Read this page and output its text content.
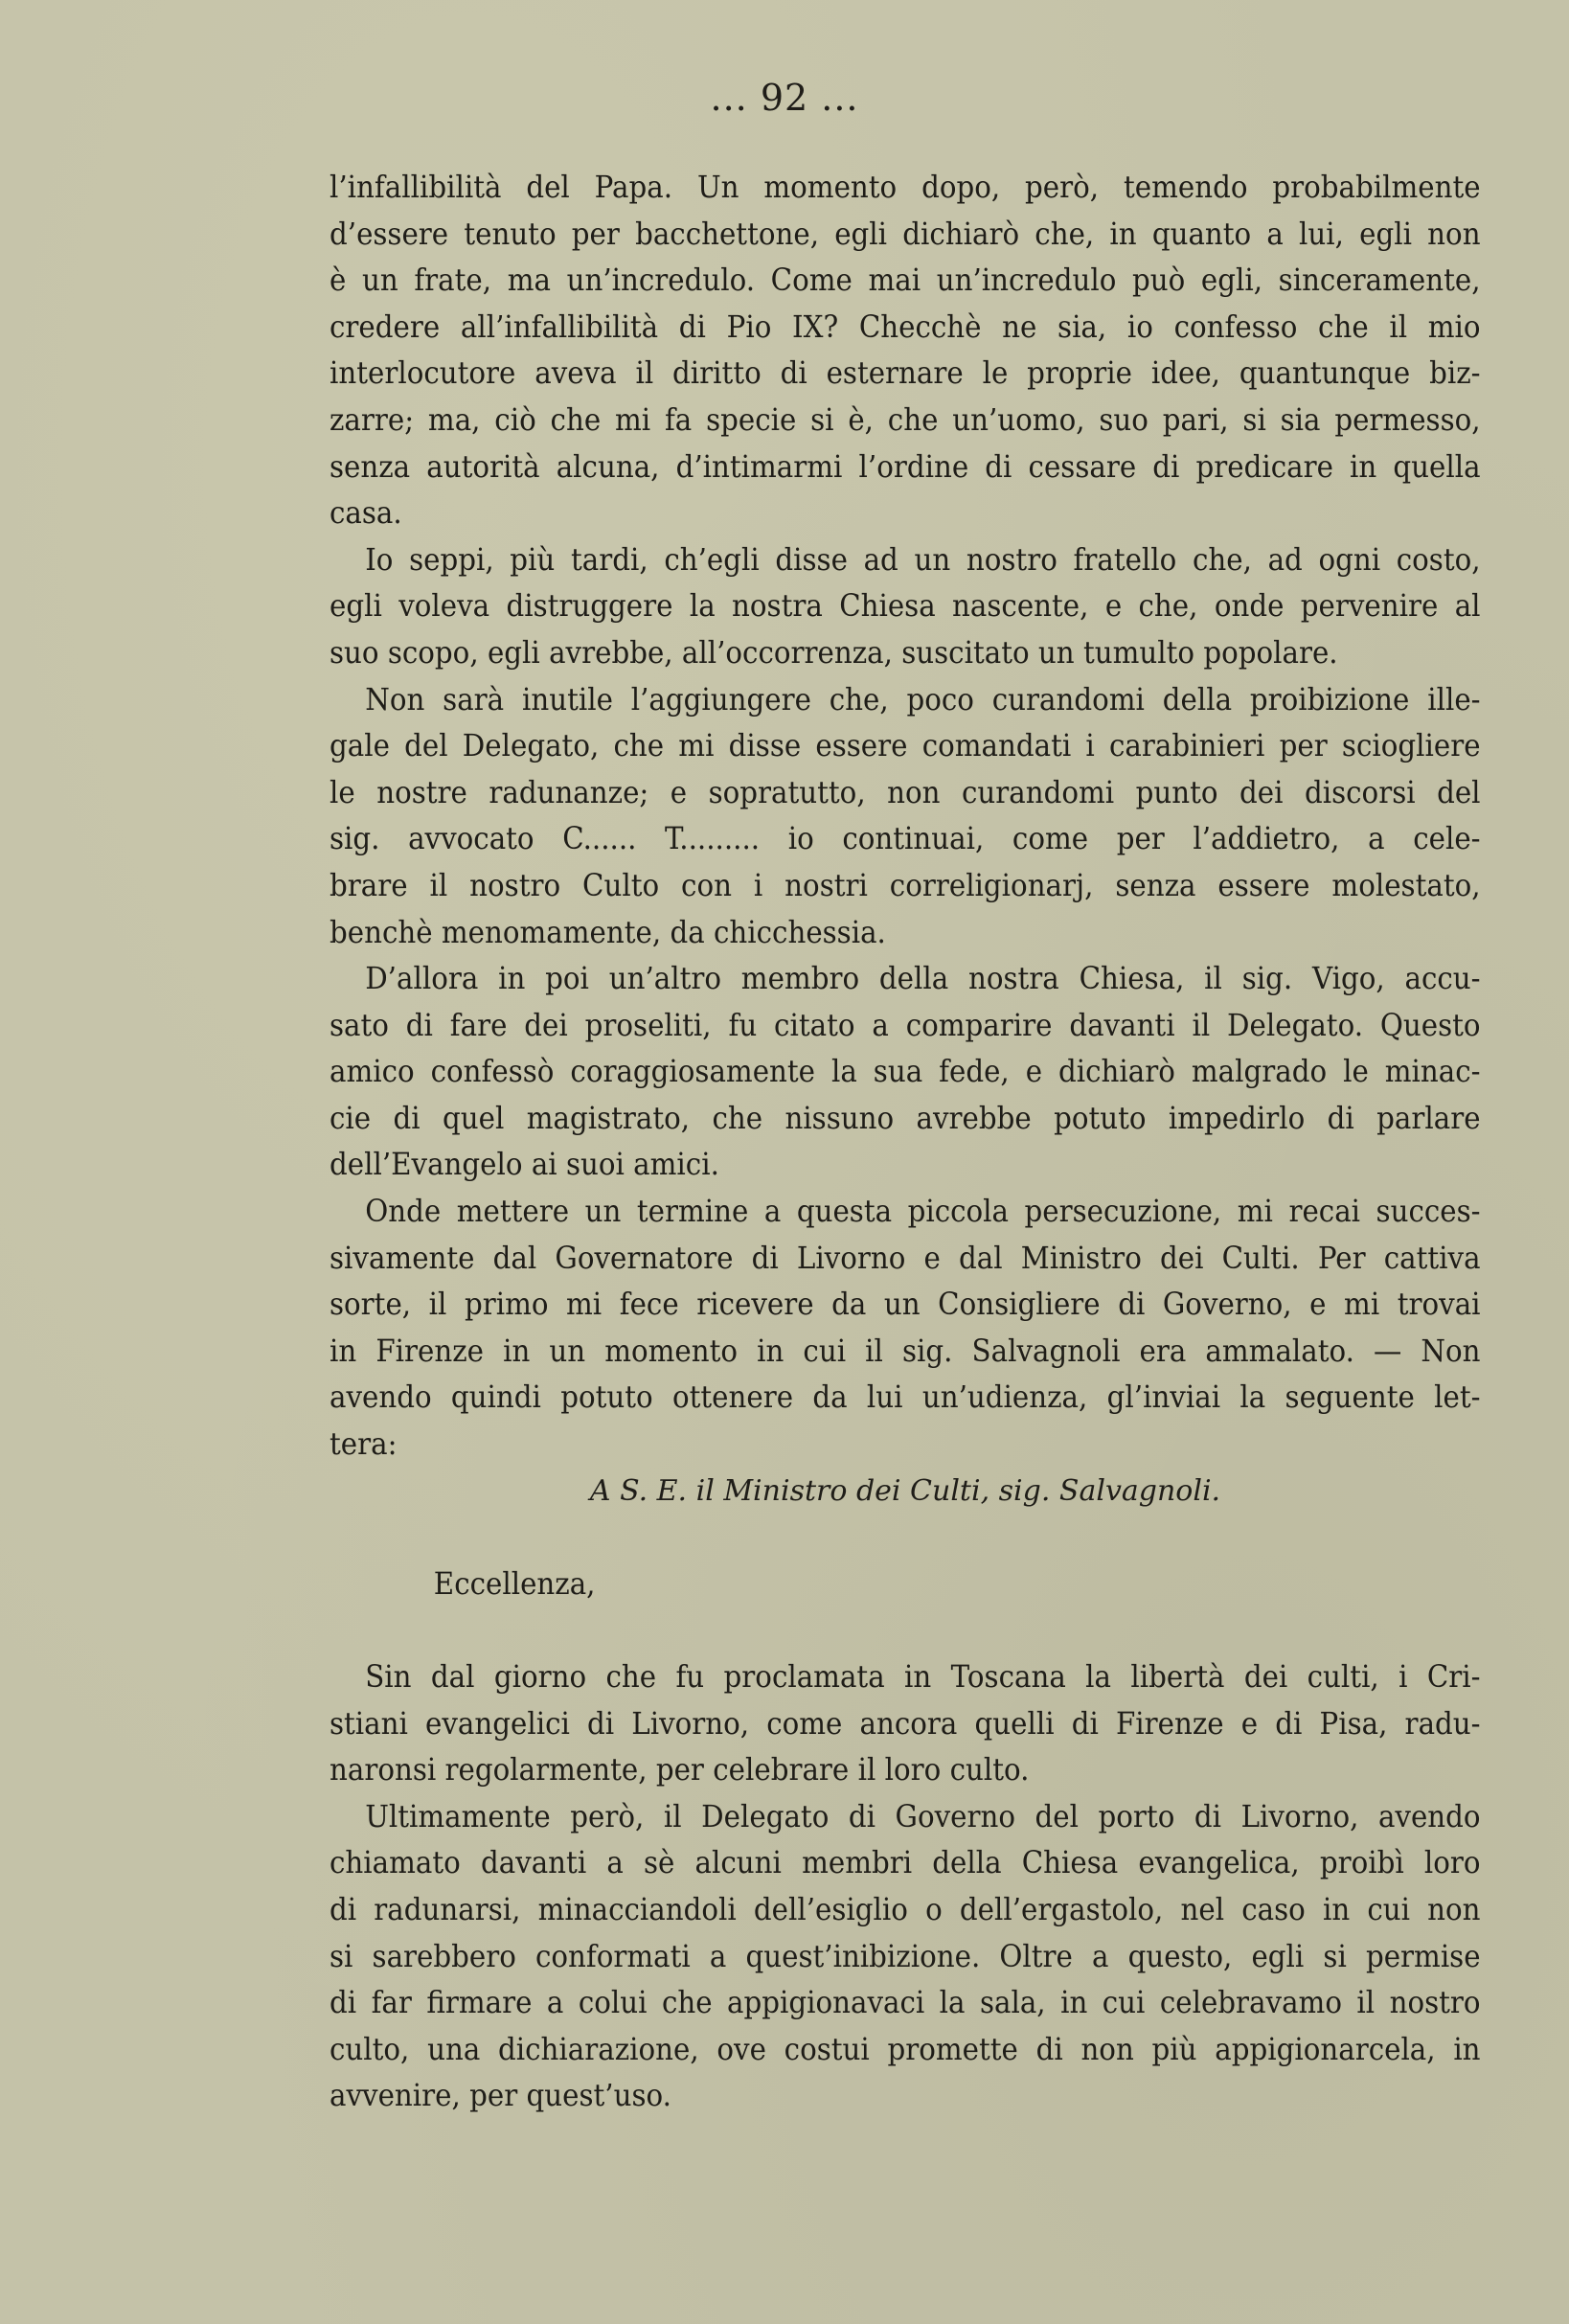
... 92 ...
l’infallibilità del Papa. Un momento dopo, però, temendo probabilmente
d’essere tenuto per bacchettone, egli dichiarò che, in quanto a lui, egli non
è un frate, ma un’incredulo. Come mai un’incredulo può egli, sinceramente,
credere all’infallibilità di Pio IX? Checchè ne sia, io confesso che il mio
interlocutore aveva il diritto di esternare le proprie idee, quantunque biz-
zarre; ma, ciò che mi fa specie si è, che un’uomo, suo pari, si sia permesso,
senza autorità alcuna, d’intimarmi l’ordine di cessare di predicare in quella
casa.
Io seppi, più tardi, ch’egli disse ad un nostro fratello che, ad ogni costo,
egli voleva distruggere la nostra Chiesa nascente, e che, onde pervenire al
suo scopo, egli avrebbe, all’occorrenza, suscitato un tumulto popolare.
Non sarà inutile l’aggiungere che, poco curandomi della proibizione ille-
gale del Delegato, che mi disse essere comandati i carabinieri per sciogliere
le nostre radunanze; e sopratutto, non curandomi punto dei discorsi del
sig. avvocato C...... T......... io continuai, come per l’addietro, a cele-
brare il nostro Culto con i nostri correligionarj, senza essere molestato,
benchè menomamente, da chicchessia.
D’allora in poi un’altro membro della nostra Chiesa, il sig. Vigo, accu-
sato di fare dei proseliti, fu citato a comparire davanti il Delegato. Questo
amico confessò coraggiosamente la sua fede, e dichiarò malgrado le minac-
cie di quel magistrato, che nissuno avrebbe potuto impedirlo di parlare
dell’Evangelo ai suoi amici.
Onde mettere un termine a questa piccola persecuzione, mi recai succes-
sivamente dal Governatore di Livorno e dal Ministro dei Culti. Per cattiva
sorte, il primo mi fece ricevere da un Consigliere di Governo, e mi trovai
in Firenze in un momento in cui il sig. Salvagnoli era ammalato. — Non
avendo quindi potuto ottenere da lui un’udienza, gl’inviai la seguente let-
tera:
A S. E. il Ministro dei Culti, sig. Salvagnoli.
Eccellenza,
Sin dal giorno che fu proclamata in Toscana la libertà dei culti, i Cri-
stiani evangelici di Livorno, come ancora quelli di Firenze e di Pisa, radu-
naronsi regolarmente, per celebrare il loro culto.
Ultimamente però, il Delegato di Governo del porto di Livorno, avendo
chiamato davanti a sè alcuni membri della Chiesa evangelica, proibì loro
di radunarsi, minacciandoli dell’esiglio o dell’ergastolo, nel caso in cui non
si sarebbero conformati a quest’inibizione. Oltre a questo, egli si permise
di far firmare a colui che appigionavaci la sala, in cui celebravamo il nostro
culto, una dichiarazione, ove costui promette di non più appigionarcela, in
avvenire, per quest’uso.
